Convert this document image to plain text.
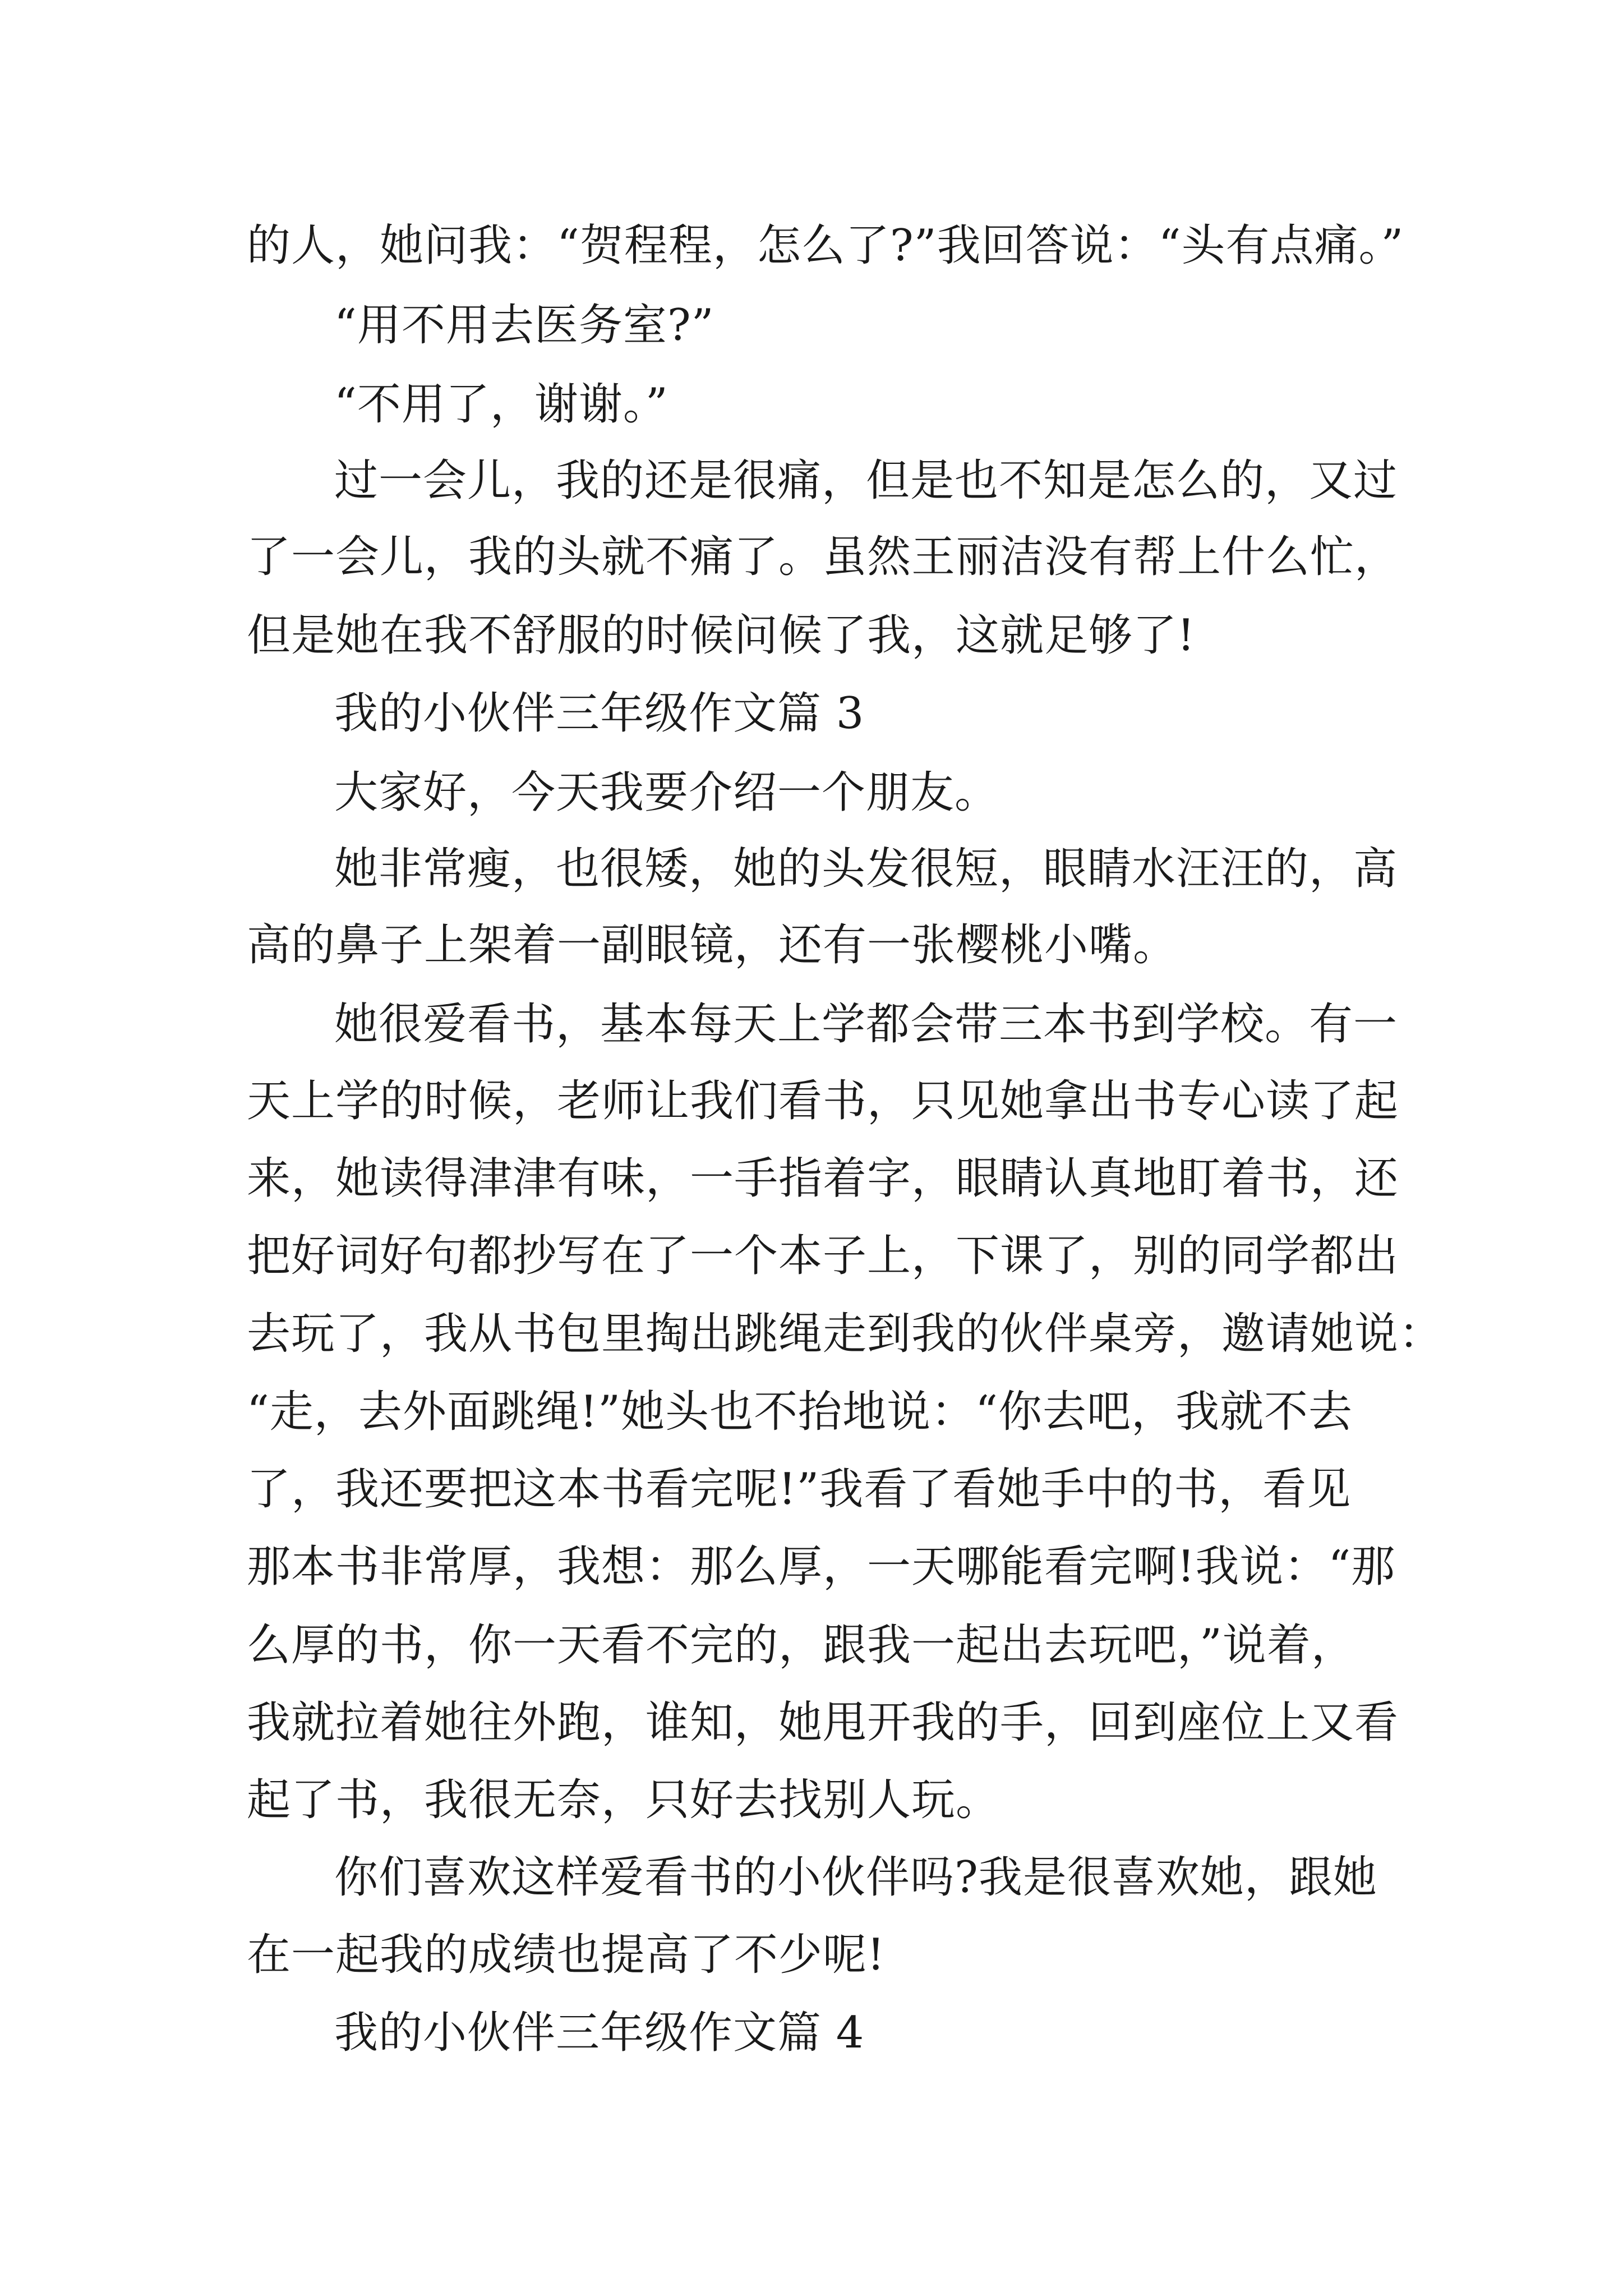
的人，她问我：“贺程程，怎么了?”我回答说：“头有点痛。”
“用不用去医务室?”
“不用了，谢谢。”
过一会儿，我的还是很痛，但是也不知是怎么的，又过
了一会儿，我的头就不痛了。虽然王丽洁没有帮上什么忙，
但是她在我不舒服的时候问候了我，这就足够了!
我的小伙伴三年级作文篇 3
大家好，今天我要介绍一个朋友。
她非常瘦，也很矮，她的头发很短，眼睛水汪汪的，高
高的鼻子上架着一副眼镜，还有一张樱桃小嘴。
她很爱看书，基本每天上学都会带三本书到学校。有一
天上学的时候，老师让我们看书，只见她拿出书专心读了起
来，她读得津津有味，一手指着字，眼睛认真地盯着书，还
把好词好句都抄写在了一个本子上，下课了，别的同学都出
去玩了，我从书包里掏出跳绳走到我的伙伴桌旁，邀请她说：
“走，去外面跳绳!”她头也不抬地说：“你去吧，我就不去
了，我还要把这本书看完呢!”我看了看她手中的书，看见
那本书非常厚，我想：那么厚，一天哪能看完啊!我说：“那
么厚的书，你一天看不完的，跟我一起出去玩吧，”说着，
我就拉着她往外跑，谁知，她甩开我的手，回到座位上又看
起了书，我很无奈，只好去找别人玩。
你们喜欢这样爱看书的小伙伴吗?我是很喜欢她，跟她
在一起我的成绩也提高了不少呢!
我的小伙伴三年级作文篇 4
